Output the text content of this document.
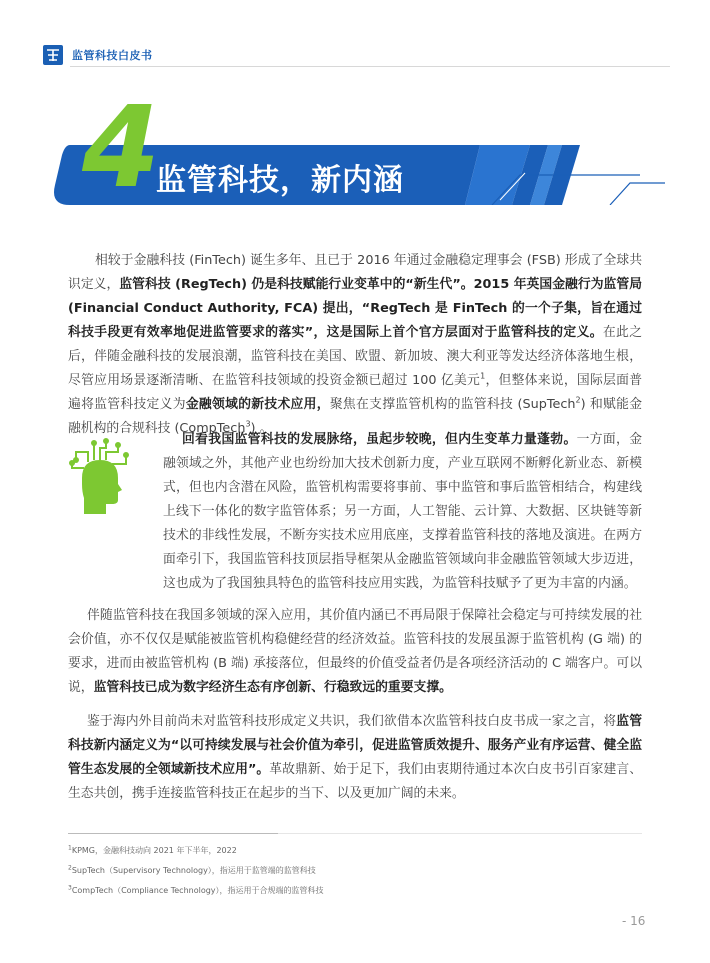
监管科技白皮书
4
监管科技，新内涵
相较于金融科技 (FinTech) 诞生多年、且已于 2016 年通过金融稳定理事会 (FSB) 形成了全球共识定义，监管科技 (RegTech) 仍是科技赋能行业变革中的“新生代”。2015 年英国金融行为监管局 (Financial Conduct Authority, FCA) 提出，“RegTech 是 FinTech 的一个子集，旨在通过科技手段更有效率地促进监管要求的落实”，这是国际上首个官方层面对于监管科技的定义。在此之后，伴随金融科技的发展浪潮，监管科技在美国、欧盟、新加坡、澳大利亚等发达经济体落地生根，尽管应用场景逐渐清晰、在监管科技领域的投资金额已超过 100 亿美元$^1$，但整体来说，国际层面普遍将监管科技定义为金融领域的新技术应用，聚焦在支撑监管机构的监管科技 (SupTech$^2$) 和赋能金融机构的合规科技 (CompTech$^3$) 。
回看我国监管科技的发展脉络，虽起步较晚，但内生变革力量蓬勃。一方面，金融领域之外，其他产业也纷纷加大技术创新力度，产业互联网不断孵化新业态、新模式，但也内含潜在风险，监管机构需要将事前、事中监管和事后监管相结合，构建线上线下一体化的数字监管体系；另一方面，人工智能、云计算、大数据、区块链等新技术的非线性发展，不断夯实技术应用底座，支撑着监管科技的落地及演进。在两方面牵引下，我国监管科技顶层指导框架从金融监管领域向非金融监管领域大步迈进，这也成为了我国独具特色的监管科技应用实践，为监管科技赋予了更为丰富的内涵。
伴随监管科技在我国多领域的深入应用，其价值内涵已不再局限于保障社会稳定与可持续发展的社会价值，亦不仅仅是赋能被监管机构稳健经营的经济效益。监管科技的发展虽源于监管机构 (G 端) 的要求，进而由被监管机构 (B 端) 承接落位，但最终的价值受益者仍是各项经济活动的 C 端客户。可以说，监管科技已成为数字经济生态有序创新、行稳致远的重要支撑。
鉴于海内外目前尚未对监管科技形成定义共识，我们欲借本次监管科技白皮书成一家之言，将监管科技新内涵定义为“以可持续发展与社会价值为牵引，促进监管质效提升、服务产业有序运营、健全监管生态发展的全领域新技术应用”。革故鼎新、始于足下，我们由衷期待通过本次白皮书引百家建言、生态共创，携手连接监管科技正在起步的当下、以及更加广阔的未来。
$^1$KPMG，金融科技动向 2021 年下半年，2022
$^2$SupTech（Supervisory Technology），指运用于监管端的监管科技
$^3$CompTech（Compliance Technology），指运用于合规端的监管科技
- 16
